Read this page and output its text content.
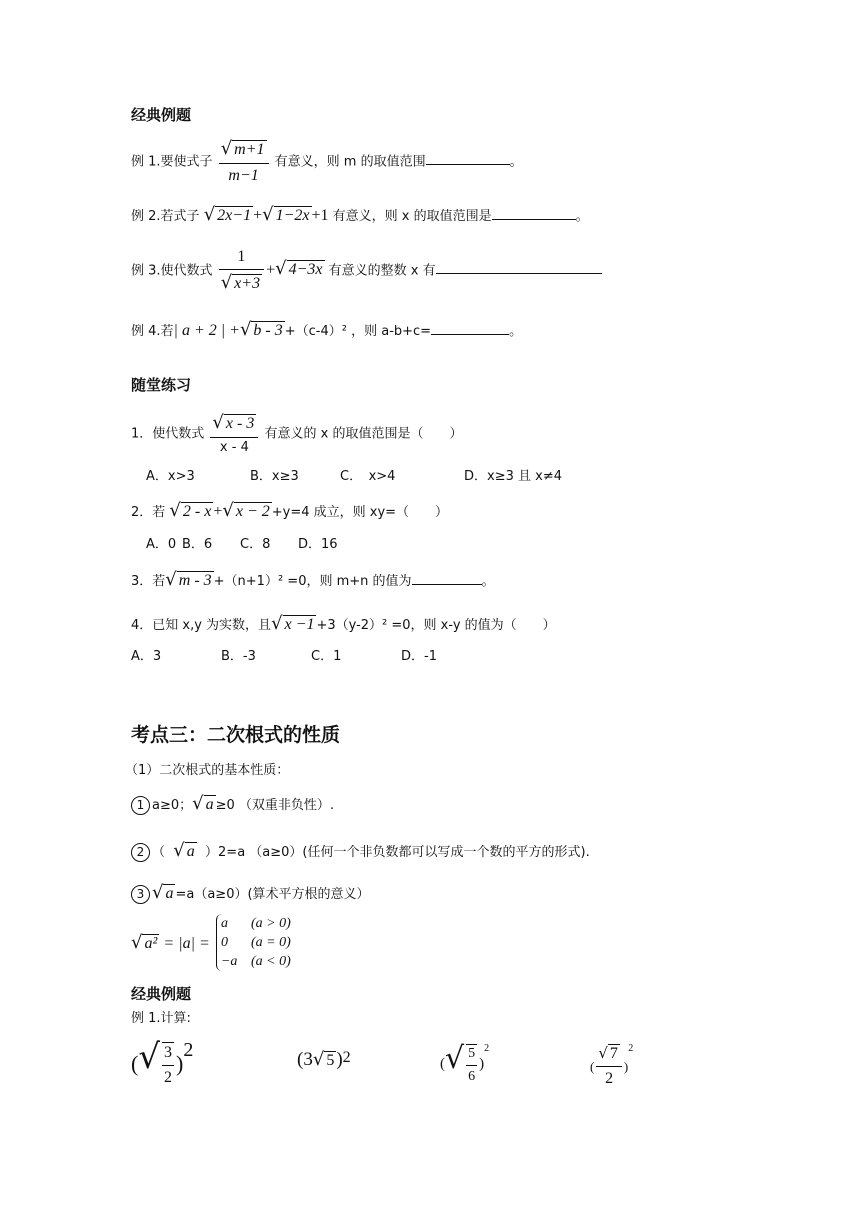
经典例题
例 1.要使式子 $\frac{√ m+1}{m-1}$ 有意义，则 m 的取值范围	。
例 2.若式子 √ 2x−1 +√ 1−2x +1 有意义，则 x 的取值范围是	。
例 3.使代数式 $\frac{1}{√ x+3}$ +√ 4−3x 有意义的整数 x 有
例 4.若| a + 2 | +√ b - 3 +（c-4）² ，则 a-b+c=	。
随堂练习
1．使代数式 $\frac{√ x - 3}{x - 4}$ 有意义的 x 的取值范围是（　　）
A．x>3	B．x≥3	C．　x>4	D．x≥3 且 x≠4
2．若 √ 2 - x +√ x − 2 +y=4 成立，则 xy=（　　）
A．0 B．6 C．8 D．16
3．若√ m - 3 +（n+1）² =0，则 m+n 的值为	。
4．已知 x,y 为实数，且√ x −1 +3（y-2）² =0，则 x-y 的值为（　　）
A．3	B．-3	C．1	D．-1
考点三：二次根式的性质
（1）二次根式的基本性质：
1 a≥0；√ a ≥0 （双重非负性）.
2 （ √ a ）2=a （a≥0）(任何一个非负数都可以写成一个数的平方的形式).
3 √ a =a（a≥0）(算术平方根的意义）
√ a² = |a| =
a (a > 0)
0 (a = 0)
−a (a < 0)
经典例题
例 1.计算:
(√ $\frac{3}{2} )2$	(3√ 5 )2	(√ $\frac{5}{6} )^2$
( $\frac{√ 7}{2} )^2$
